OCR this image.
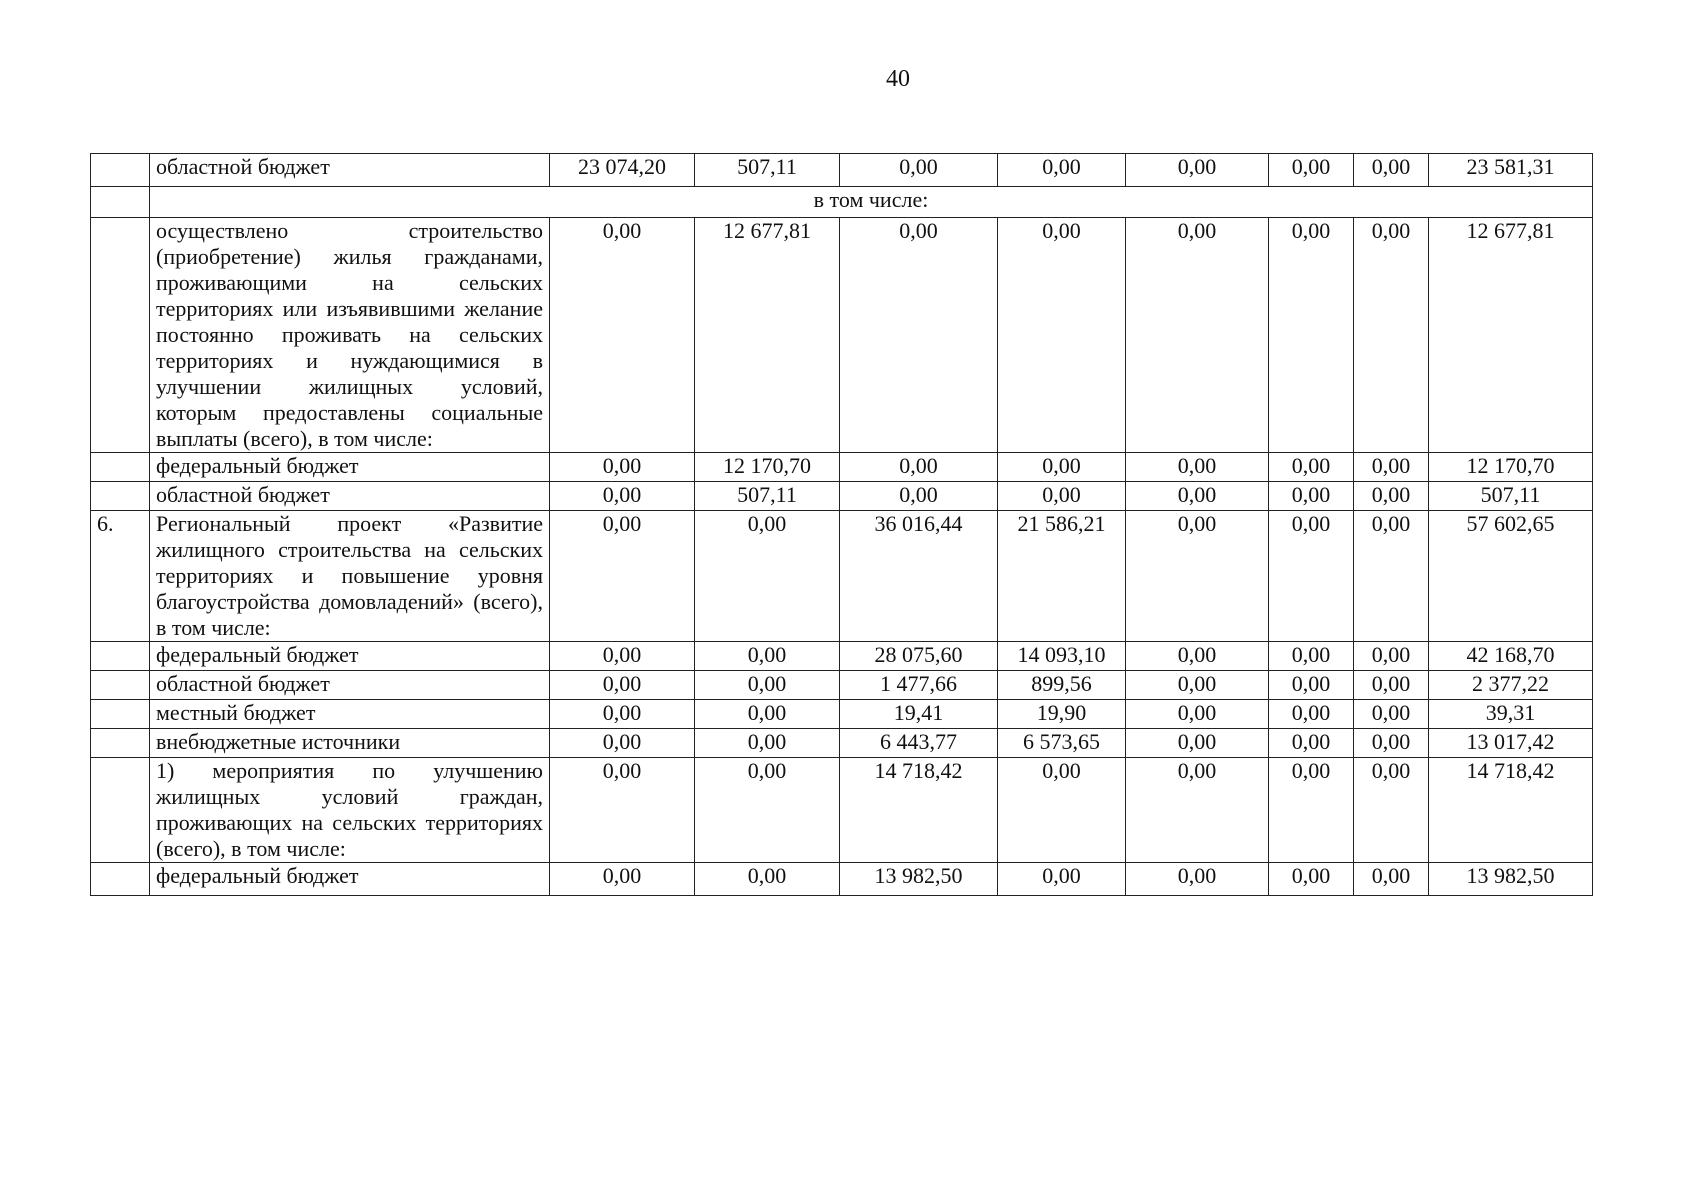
40
	областной бюджет	23 074,20	507,11	0,00	0,00	0,00	0,00	0,00	23 581,31
	в том числе:								
	осуществлено строительство (приобретение) жилья гражданами, проживающими на сельских территориях или изъявившими желание постоянно проживать на сельских территориях и нуждающимися в улучшении жилищных условий, которым предоставлены социальные выплаты (всего), в том числе:	0,00	12 677,81	0,00	0,00	0,00	0,00	0,00	12 677,81
	федеральный бюджет	0,00	12 170,70	0,00	0,00	0,00	0,00	0,00	12 170,70
	областной бюджет	0,00	507,11	0,00	0,00	0,00	0,00	0,00	507,11
6.	Региональный проект «Развитие жилищного строительства на сельских территориях и повышение уровня благоустройства домовладений» (всего), в том числе:	0,00	0,00	36 016,44	21 586,21	0,00	0,00	0,00	57 602,65
	федеральный бюджет	0,00	0,00	28 075,60	14 093,10	0,00	0,00	0,00	42 168,70
	областной бюджет	0,00	0,00	1 477,66	899,56	0,00	0,00	0,00	2 377,22
	местный бюджет	0,00	0,00	19,41	19,90	0,00	0,00	0,00	39,31
	внебюджетные источники	0,00	0,00	6 443,77	6 573,65	0,00	0,00	0,00	13 017,42
	1) мероприятия по улучшению жилищных условий граждан, проживающих на сельских территориях (всего), в том числе:	0,00	0,00	14 718,42	0,00	0,00	0,00	0,00	14 718,42
	федеральный бюджет	0,00	0,00	13 982,50	0,00	0,00	0,00	0,00	13 982,50
